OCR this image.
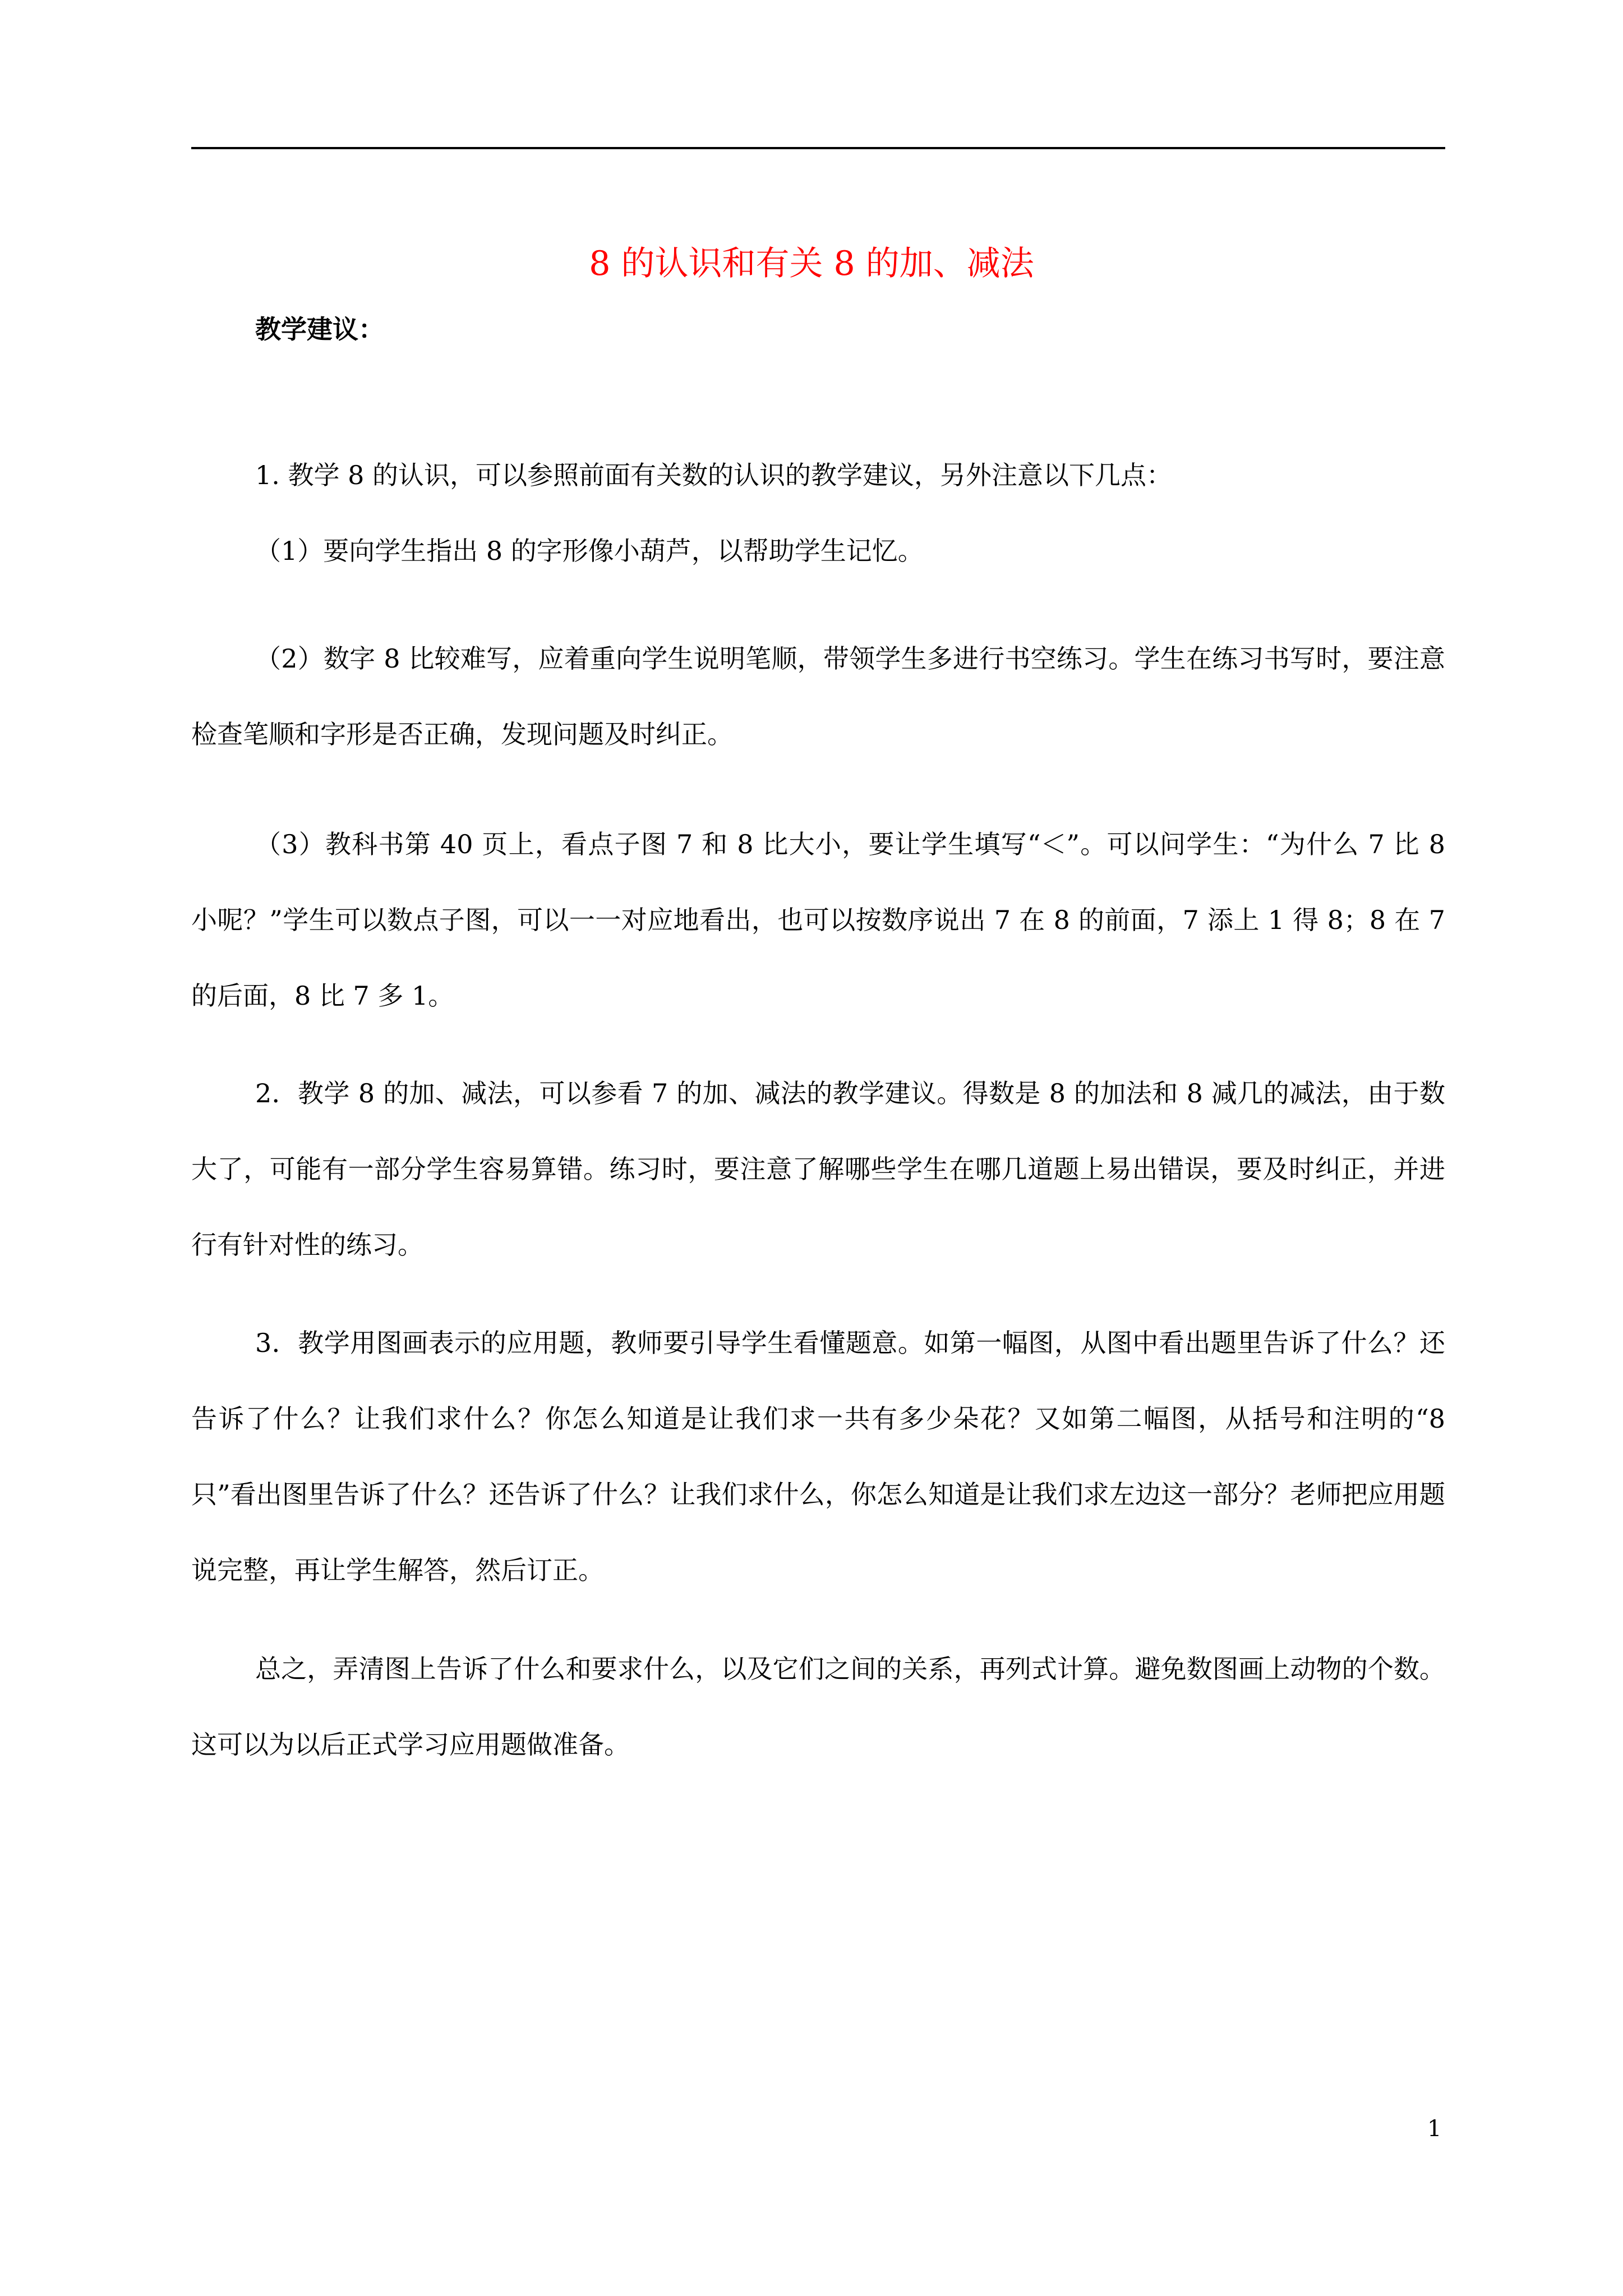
8 的认识和有关 8 的加、减法
教学建议：
1. 教学 8 的认识，可以参照前面有关数的认识的教学建议，另外注意以下几点：
（1）要向学生指出 8 的字形像小葫芦，以帮助学生记忆。
（2）数字 8 比较难写，应着重向学生说明笔顺，带领学生多进行书空练习。学生在练习书写时，要注意检查笔顺和字形是否正确，发现问题及时纠正。
（3）教科书第 40 页上，看点子图 7 和 8 比大小，要让学生填写“＜”。可以问学生：“为什么 7 比 8 小呢？”学生可以数点子图，可以一一对应地看出，也可以按数序说出 7 在 8 的前面，7 添上 1 得 8；8 在 7 的后面，8 比 7 多 1。
2．教学 8 的加、减法，可以参看 7 的加、减法的教学建议。得数是 8 的加法和 8 减几的减法，由于数大了，可能有一部分学生容易算错。练习时，要注意了解哪些学生在哪几道题上易出错误，要及时纠正，并进行有针对性的练习。
3．教学用图画表示的应用题，教师要引导学生看懂题意。如第一幅图，从图中看出题里告诉了什么？还告诉了什么？让我们求什么？你怎么知道是让我们求一共有多少朵花？又如第二幅图，从括号和注明的“8 只”看出图里告诉了什么？还告诉了什么？让我们求什么，你怎么知道是让我们求左边这一部分？老师把应用题说完整，再让学生解答，然后订正。
总之，弄清图上告诉了什么和要求什么，以及它们之间的关系，再列式计算。避免数图画上动物的个数。这可以为以后正式学习应用题做准备。
1
